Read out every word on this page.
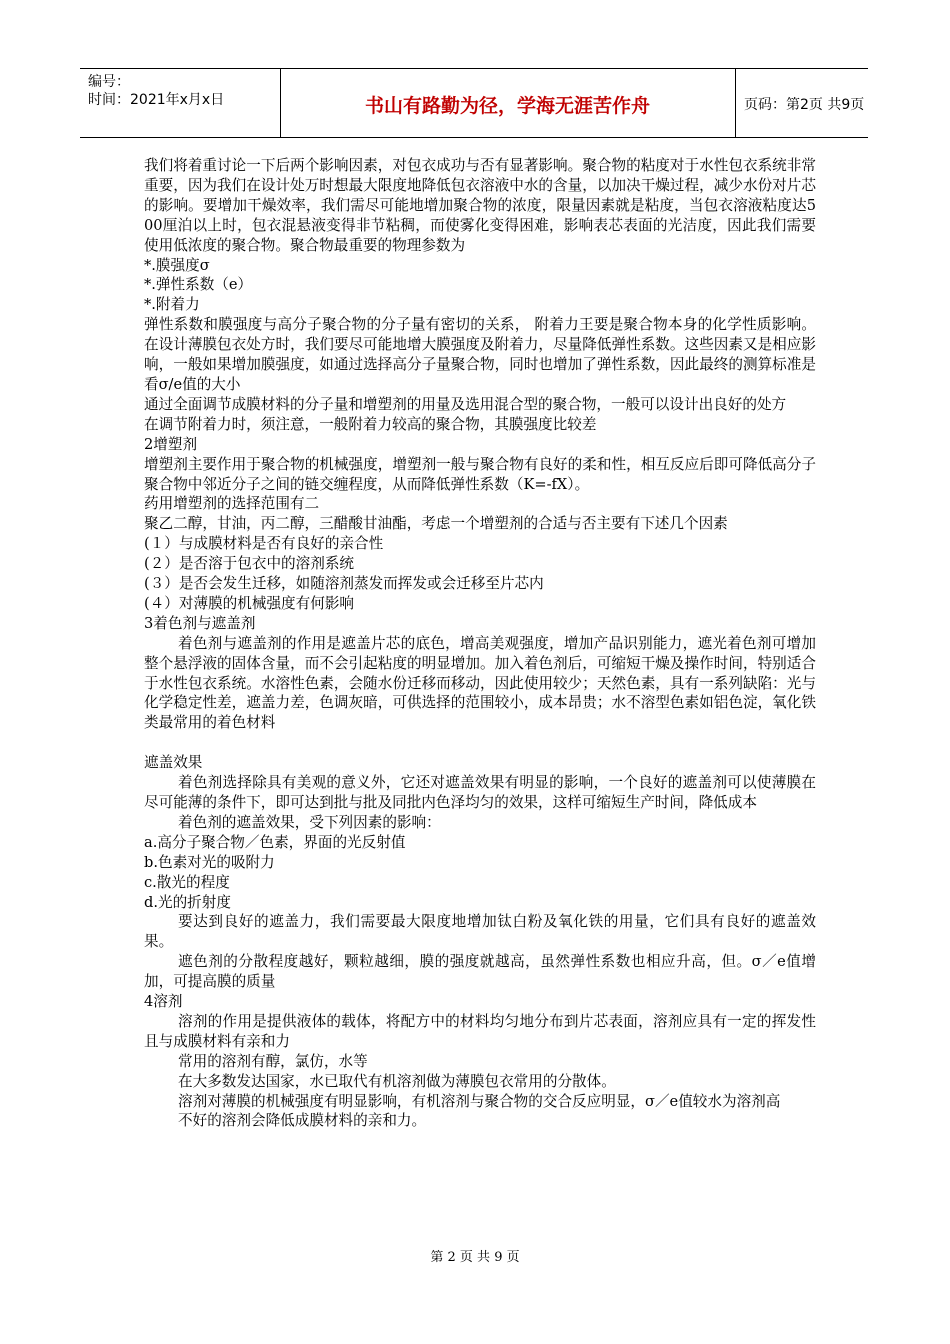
编号：
时间：2021年x月x日	书山有路勤为径，学海无涯苦作舟	页码：第2页 共9页

我们将着重讨论一下后两个影响因素，对包衣成功与否有显著影响。聚合物的粘度对于水性包衣系统非常重要，因为我们在设计处万时想最大限度地降低包衣溶液中水的含量，以加决干燥过程，减少水份对片芯的影响。要增加干燥效率，我们需尽可能地增加聚合物的浓度，限量因素就是粘度，当包衣溶液粘度达500厘泊以上时，包衣混悬液变得非节粘稠，而使雾化变得困难，影响表芯表面的光洁度，因此我们需要使用低浓度的聚合物。聚合物最重要的物理参数为

*.膜强度σ

*.弹性系数（e）

*.附着力

弹性系数和膜强度与高分子聚合物的分子量有密切的关系， 附着力王要是聚合物本身的化学性质影响。在设计薄膜包衣处方时，我们要尽可能地增大膜强度及附着力，尽量降低弹性系数。这些因素又是相应影响，一般如果增加膜强度，如通过选择高分子量聚合物，同时也增加了弹性系数，因此最终的测算标准是看σ/e值的大小

通过全面调节成膜材料的分子量和增塑剂的用量及选用混合型的聚合物，一般可以设计出良好的处方

在调节附着力时，须注意，一般附着力较高的聚合物，其膜强度比较差

2增塑剂

增塑剂主要作用于聚合物的机械强度，增塑剂一般与聚合物有良好的柔和性，相互反应后即可降低高分子聚合物中邻近分子之间的链交缠程度，从而降低弹性系数（K=-fX）。

药用增塑剂的选择范围有二

聚乙二醇，甘油，丙二醇，三醋酸甘油酯，考虑一个增塑剂的合适与否主要有下述几个因素

(１）与成膜材料是否有良好的亲合性

(２）是否溶于包衣中的溶剂系统

(３）是否会发生迁移，如随溶剂蒸发而挥发或会迁移至片芯内

(４）对薄膜的机械强度有何影响

3着色剂与遮盖剂

着色剂与遮盖剂的作用是遮盖片芯的底色，增高美观强度，增加产品识别能力，遮光着色剂可增加整个悬浮液的固体含量，而不会引起粘度的明显增加。加入着色剂后，可缩短干燥及操作时间，特别适合于水性包衣系统。水溶性色素，会随水份迁移而移动，因此使用较少；天然色素，具有一系列缺陷：光与化学稳定性差，遮盖力差，色调灰暗，可供选择的范围较小，成本昂贵；水不溶型色素如铝色淀，氧化铁类最常用的着色材料

遮盖效果

着色剂选择除具有美观的意义外，它还对遮盖效果有明显的影响，一个良好的遮盖剂可以使薄膜在尽可能薄的条件下，即可达到批与批及同批内色泽均匀的效果，这样可缩短生产时间，降低成本

着色剂的遮盖效果，受下列因素的影响：

a.高分子聚合物／色素，界面的光反射值

b.色素对光的吸附力

c.散光的程度

d.光的折射度

要达到良好的遮盖力，我们需要最大限度地增加钛白粉及氧化铁的用量，它们具有良好的遮盖效果。

遮色剂的分散程度越好，颗粒越细，膜的强度就越高，虽然弹性系数也相应升高，但。σ／e值增加，可提高膜的质量

4溶剂

溶剂的作用是提供液体的载体，将配方中的材料均匀地分布到片芯表面，溶剂应具有一定的挥发性且与成膜材料有亲和力

常用的溶剂有醇，氯仿，水等

在大多数发达国家，水已取代有机溶剂做为薄膜包衣常用的分散体。

溶剂对薄膜的机械强度有明显影响，有机溶剂与聚合物的交合反应明显，σ／e值较水为溶剂高

不好的溶剂会降低成膜材料的亲和力。

第 2 页 共 9 页
